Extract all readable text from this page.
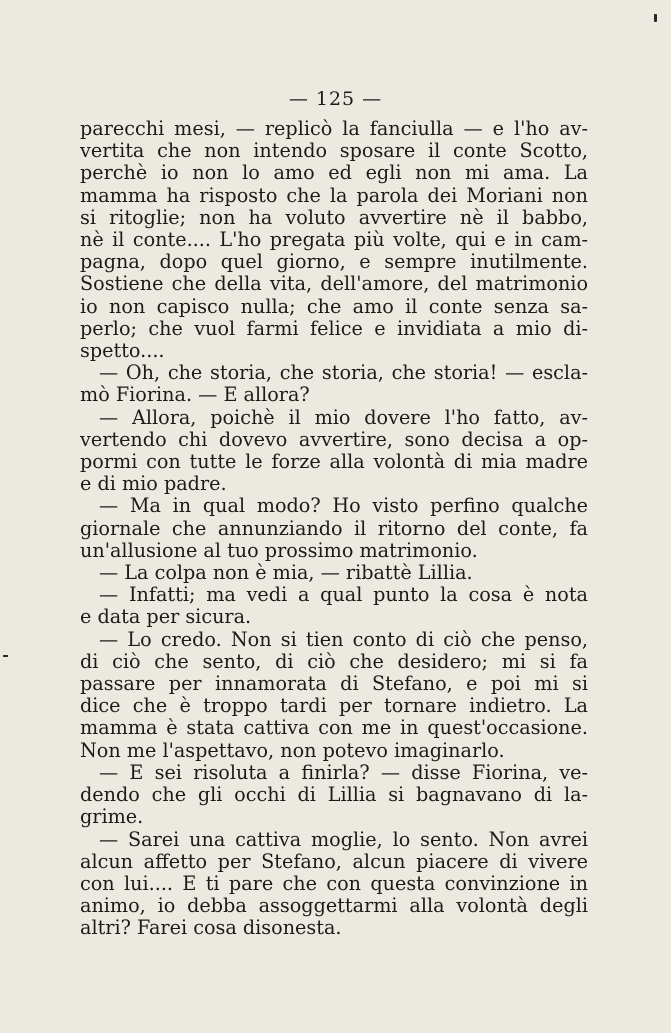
— 125 —
parecchi mesi, — replicò la fanciulla — e l'ho av-
vertita che non intendo sposare il conte Scotto,
perchè io non lo amo ed egli non mi ama. La
mamma ha risposto che la parola dei Moriani non
si ritoglie; non ha voluto avvertire nè il babbo,
nè il conte.... L'ho pregata più volte, qui e in cam-
pagna, dopo quel giorno, e sempre inutilmente.
Sostiene che della vita, dell'amore, del matrimonio
io non capisco nulla; che amo il conte senza sa-
perlo; che vuol farmi felice e invidiata a mio di-
spetto....
— Oh, che storia, che storia, che storia! — escla-
mò Fiorina. — E allora?
— Allora, poichè il mio dovere l'ho fatto, av-
vertendo chi dovevo avvertire, sono decisa a op-
pormi con tutte le forze alla volontà di mia madre
e di mio padre.
— Ma in qual modo? Ho visto perfino qualche
giornale che annunziando il ritorno del conte, fa
un'allusione al tuo prossimo matrimonio.
— La colpa non è mia, — ribattè Lillia.
— Infatti; ma vedi a qual punto la cosa è nota
e data per sicura.
— Lo credo. Non si tien conto di ciò che penso,
di ciò che sento, di ciò che desidero; mi si fa
passare per innamorata di Stefano, e poi mi si
dice che è troppo tardi per tornare indietro. La
mamma è stata cattiva con me in quest'occasione.
Non me l'aspettavo, non potevo imaginarlo.
— E sei risoluta a finirla? — disse Fiorina, ve-
dendo che gli occhi di Lillia si bagnavano di la-
grime.
— Sarei una cattiva moglie, lo sento. Non avrei
alcun affetto per Stefano, alcun piacere di vivere
con lui.... E ti pare che con questa convinzione in
animo, io debba assoggettarmi alla volontà degli
altri? Farei cosa disonesta.
